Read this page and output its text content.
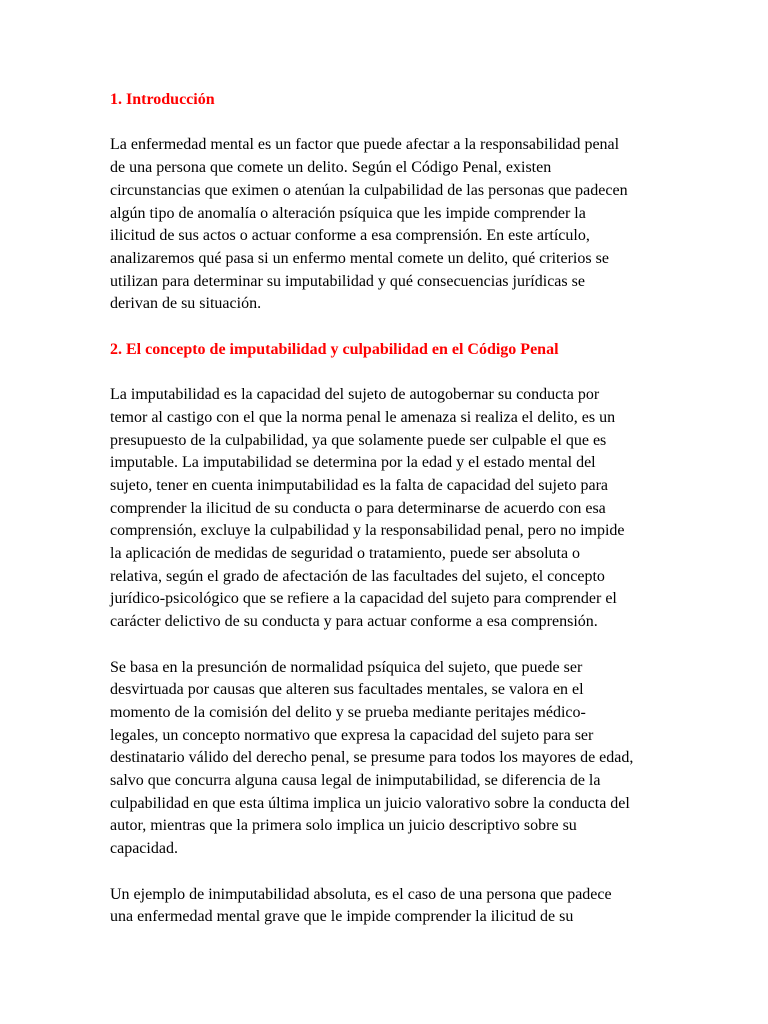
1. Introducción

La enfermedad mental es un factor que puede afectar a la responsabilidad penal
de una persona que comete un delito. Según el Código Penal, existen
circunstancias que eximen o atenúan la culpabilidad de las personas que padecen
algún tipo de anomalía o alteración psíquica que les impide comprender la
ilicitud de sus actos o actuar conforme a esa comprensión. En este artículo,
analizaremos qué pasa si un enfermo mental comete un delito, qué criterios se
utilizan para determinar su imputabilidad y qué consecuencias jurídicas se
derivan de su situación.

2. El concepto de imputabilidad y culpabilidad en el Código Penal

La imputabilidad es la capacidad del sujeto de autogobernar su conducta por
temor al castigo con el que la norma penal le amenaza si realiza el delito, es un
presupuesto de la culpabilidad, ya que solamente puede ser culpable el que es
imputable. La imputabilidad se determina por la edad y el estado mental del
sujeto, tener en cuenta inimputabilidad es la falta de capacidad del sujeto para
comprender la ilicitud de su conducta o para determinarse de acuerdo con esa
comprensión, excluye la culpabilidad y la responsabilidad penal, pero no impide
la aplicación de medidas de seguridad o tratamiento, puede ser absoluta o
relativa, según el grado de afectación de las facultades del sujeto, el concepto
jurídico-psicológico que se refiere a la capacidad del sujeto para comprender el
carácter delictivo de su conducta y para actuar conforme a esa comprensión.

Se basa en la presunción de normalidad psíquica del sujeto, que puede ser
desvirtuada por causas que alteren sus facultades mentales, se valora en el
momento de la comisión del delito y se prueba mediante peritajes médico-
legales, un concepto normativo que expresa la capacidad del sujeto para ser
destinatario válido del derecho penal, se presume para todos los mayores de edad,
salvo que concurra alguna causa legal de inimputabilidad, se diferencia de la
culpabilidad en que esta última implica un juicio valorativo sobre la conducta del
autor, mientras que la primera solo implica un juicio descriptivo sobre su
capacidad.

Un ejemplo de inimputabilidad absoluta, es el caso de una persona que padece
una enfermedad mental grave que le impide comprender la ilicitud de su
